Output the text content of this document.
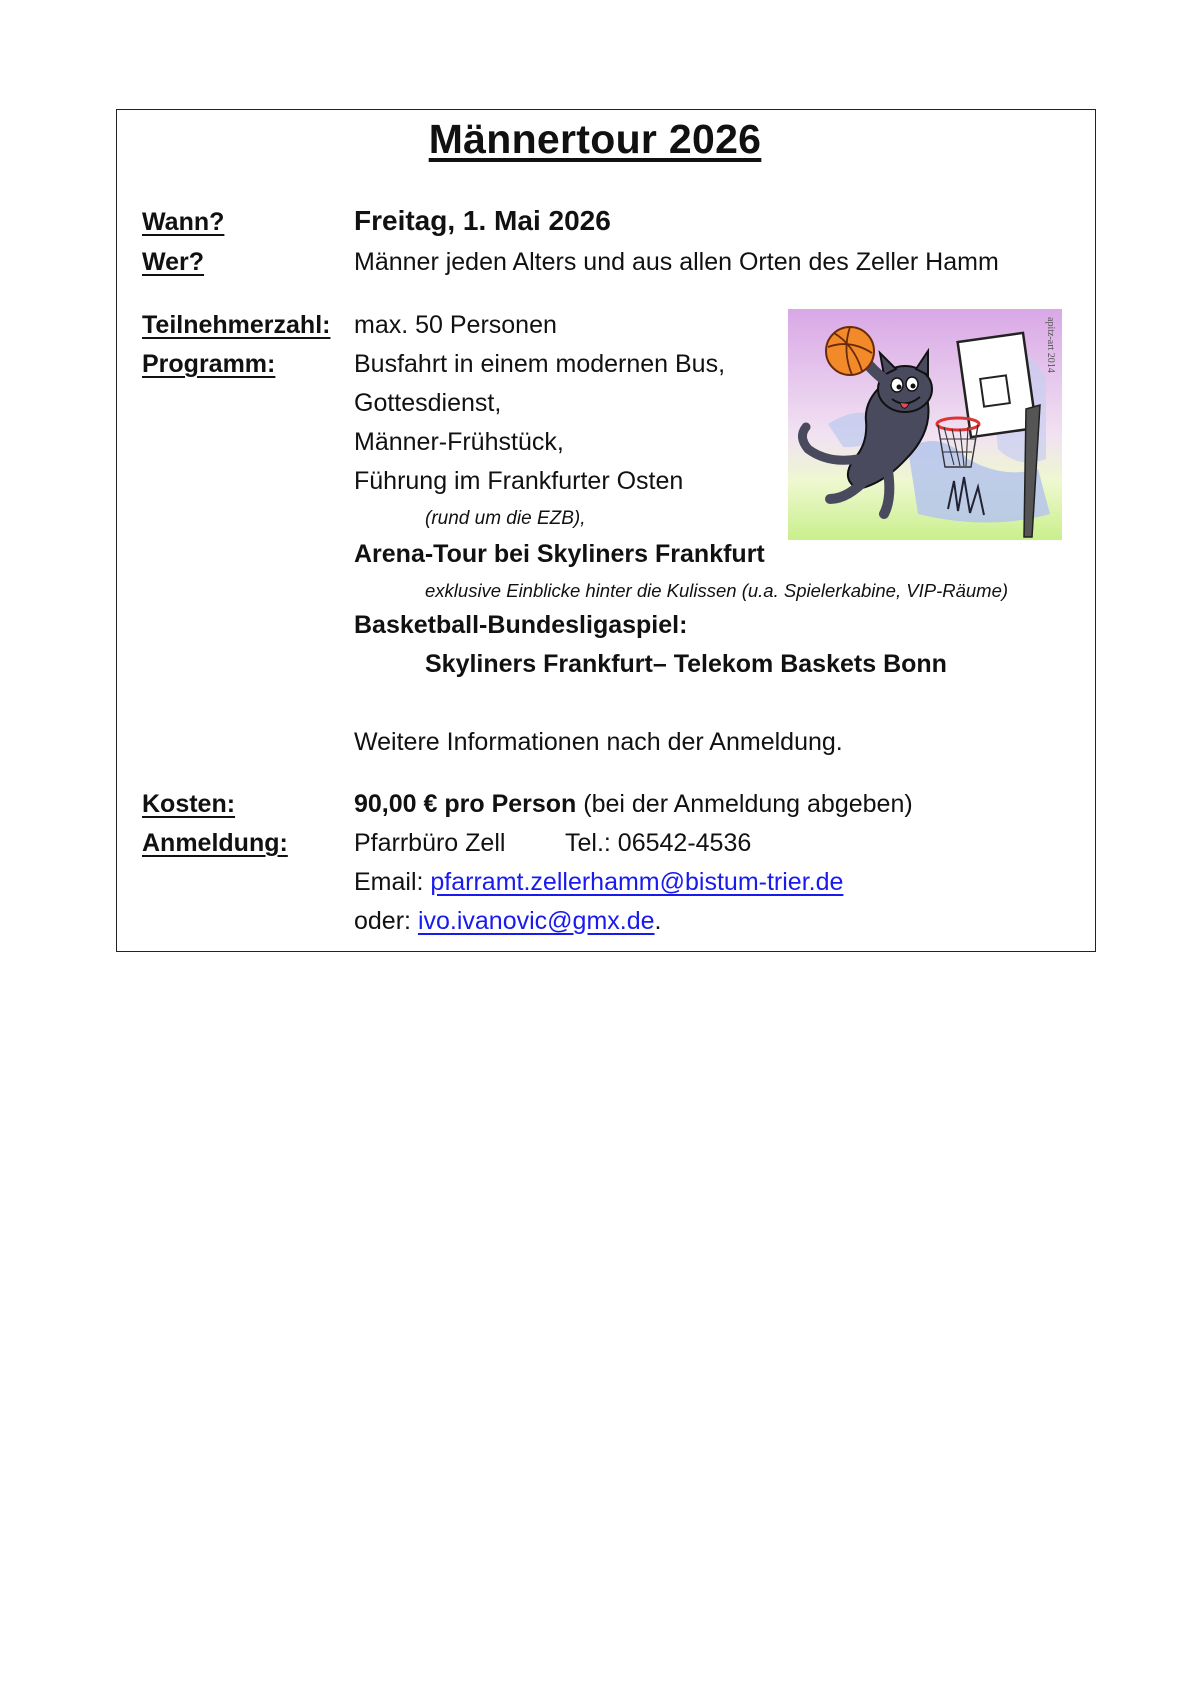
Männertour 2026
Wann?	Freitag, 1. Mai 2026
Wer?	Männer jeden Alters und aus allen Orten des Zeller Hamm
Teilnehmerzahl: max. 50 Personen
Programm:	Busfahrt in einem modernen Bus,
Gottesdienst,
Männer-Frühstück,
Führung im Frankfurter Osten
(rund um die EZB),
Arena-Tour bei Skyliners Frankfurt
exklusive Einblicke hinter die Kulissen (u.a. Spielerkabine, VIP-Räume)
Basketball-Bundesligaspiel:
Skyliners Frankfurt– Telekom Baskets Bonn
Weitere Informationen nach der Anmeldung.
Kosten:	90,00 € pro Person (bei der Anmeldung abgeben)
Anmeldung:	Pfarrbüro Zell Tel.: 06542-4536
Email: pfarramt.zellerhamm@bistum-trier.de
oder: ivo.ivanovic@gmx.de.
apitz-art 2014
